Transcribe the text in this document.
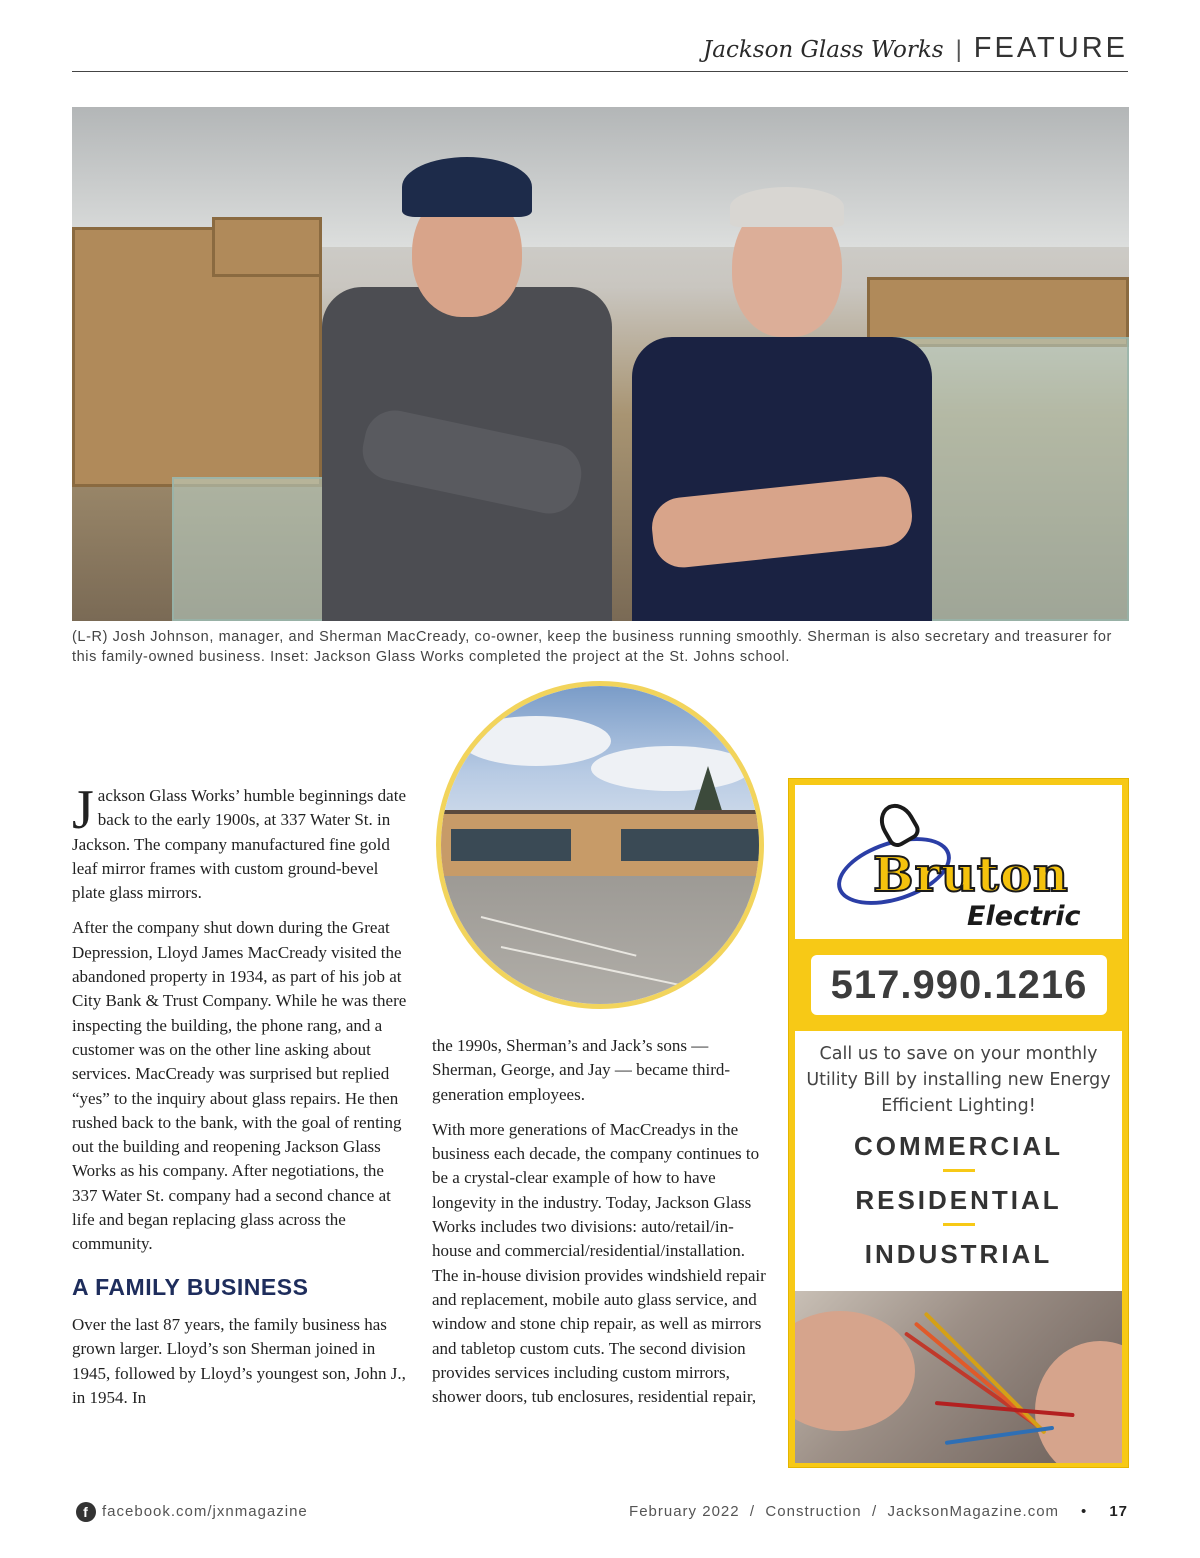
Jackson Glass Works | FEATURE
(L-R) Josh Johnson, manager, and Sherman MacCready, co-owner, keep the business running smoothly. Sherman is also secretary and treasurer for this family-owned business. Inset: Jackson Glass Works completed the project at the St. Johns school.

Jackson Glass Works’ humble beginnings date back to the early 1900s, at 337 Water St. in Jackson. The company manufactured fine gold leaf mirror frames with custom ground-bevel plate glass mirrors.

After the company shut down during the Great Depression, Lloyd James MacCready visited the abandoned property in 1934, as part of his job at City Bank & Trust Company. While he was there inspecting the building, the phone rang, and a customer was on the other line asking about services. MacCready was surprised but replied “yes” to the inquiry about glass repairs. He then rushed back to the bank, with the goal of renting out the building and reopening Jackson Glass Works as his company. After negotiations, the 337 Water St. company had a second chance at life and began replacing glass across the community.

A FAMILY BUSINESS

Over the last 87 years, the family business has grown larger. Lloyd’s son Sherman joined in 1945, followed by Lloyd’s youngest son, John J., in 1954. In

the 1990s, Sherman’s and Jack’s sons — Sherman, George, and Jay — became third-generation employees.

With more generations of MacCreadys in the business each decade, the company continues to be a crystal-clear example of how to have longevity in the industry. Today, Jackson Glass Works includes two divisions: auto/retail/in-house and commercial/residential/installation. The in-house division provides windshield repair and replacement, mobile auto glass service, and window and stone chip repair, as well as mirrors and tabletop custom cuts. The second division provides services including custom mirrors, shower doors, tub enclosures, residential repair,

Bruton
Electric
517.990.1216
Call us to save on your monthly Utility Bill by installing new Energy Efficient Lighting!
COMMERCIAL
RESIDENTIAL
INDUSTRIAL
f facebook.com/jxnmagazine	February 2022  /  Construction  /  JacksonMagazine.com • 17
